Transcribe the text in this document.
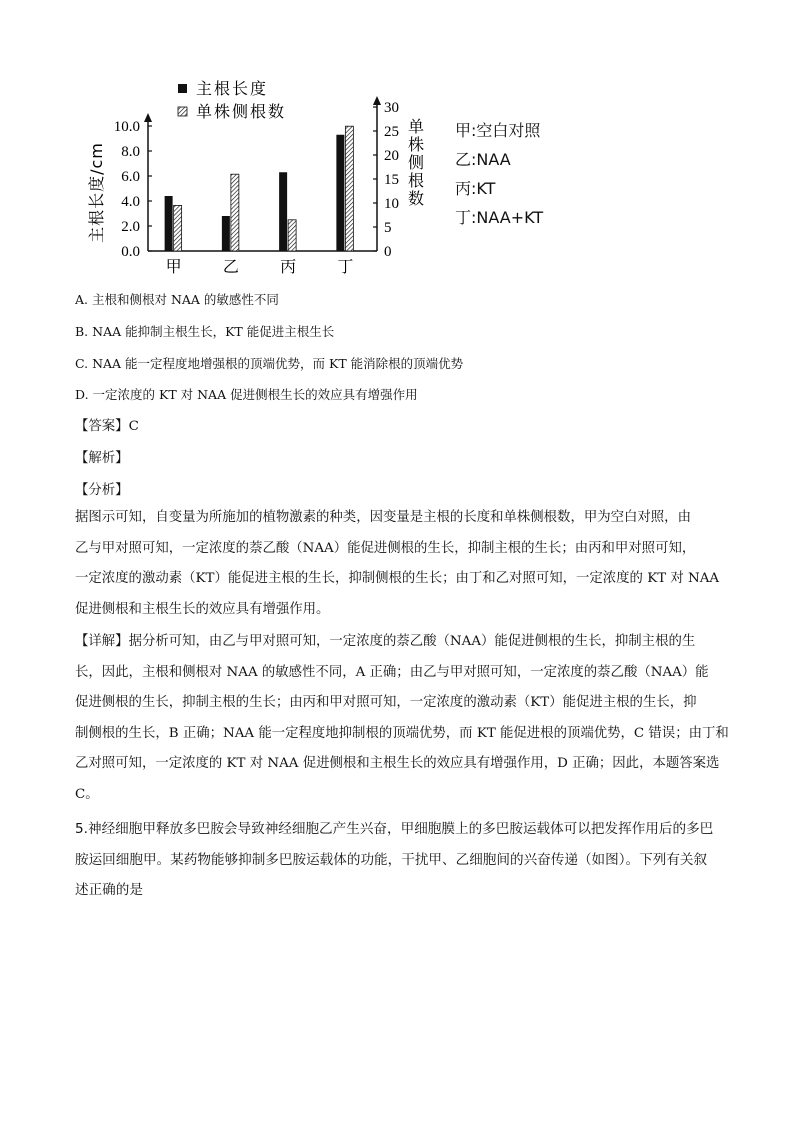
0.0
2.0
4.0
6.0
8.0
10.0
0
5
10
15
20
25
30
主根长度/cm
单
株
侧
根
数
甲	乙	丙	丁
主根长度
单株侧根数
甲:空白对照
乙:NAA
丙:KT
丁:NAA+KT
A. 主根和侧根对 NAA 的敏感性不同
B. NAA 能抑制主根生长，KT 能促进主根生长
C. NAA 能一定程度地增强根的顶端优势，而 KT 能消除根的顶端优势
D. 一定浓度的 KT 对 NAA 促进侧根生长的效应具有增强作用
【答案】C
【解析】
【分析】
据图示可知，自变量为所施加的植物激素的种类，因变量是主根的长度和单株侧根数，甲为空白对照，由
乙与甲对照可知，一定浓度的萘乙酸（NAA）能促进侧根的生长，抑制主根的生长；由丙和甲对照可知，
一定浓度的激动素（KT）能促进主根的生长，抑制侧根的生长；由丁和乙对照可知，一定浓度的 KT 对 NAA
促进侧根和主根生长的效应具有增强作用。
【详解】据分析可知，由乙与甲对照可知，一定浓度的萘乙酸（NAA）能促进侧根的生长，抑制主根的生
长，因此，主根和侧根对 NAA 的敏感性不同，A 正确；由乙与甲对照可知，一定浓度的萘乙酸（NAA）能
促进侧根的生长，抑制主根的生长；由丙和甲对照可知，一定浓度的激动素（KT）能促进主根的生长，抑
制侧根的生长，B 正确；NAA 能一定程度地抑制根的顶端优势，而 KT 能促进根的顶端优势，C 错误；由丁和
乙对照可知，一定浓度的 KT 对 NAA 促进侧根和主根生长的效应具有增强作用，D 正确；因此，本题答案选
C。
5.神经细胞甲释放多巴胺会导致神经细胞乙产生兴奋，甲细胞膜上的多巴胺运载体可以把发挥作用后的多巴
胺运回细胞甲。某药物能够抑制多巴胺运载体的功能，干扰甲、乙细胞间的兴奋传递（如图）。下列有关叙
述正确的是
